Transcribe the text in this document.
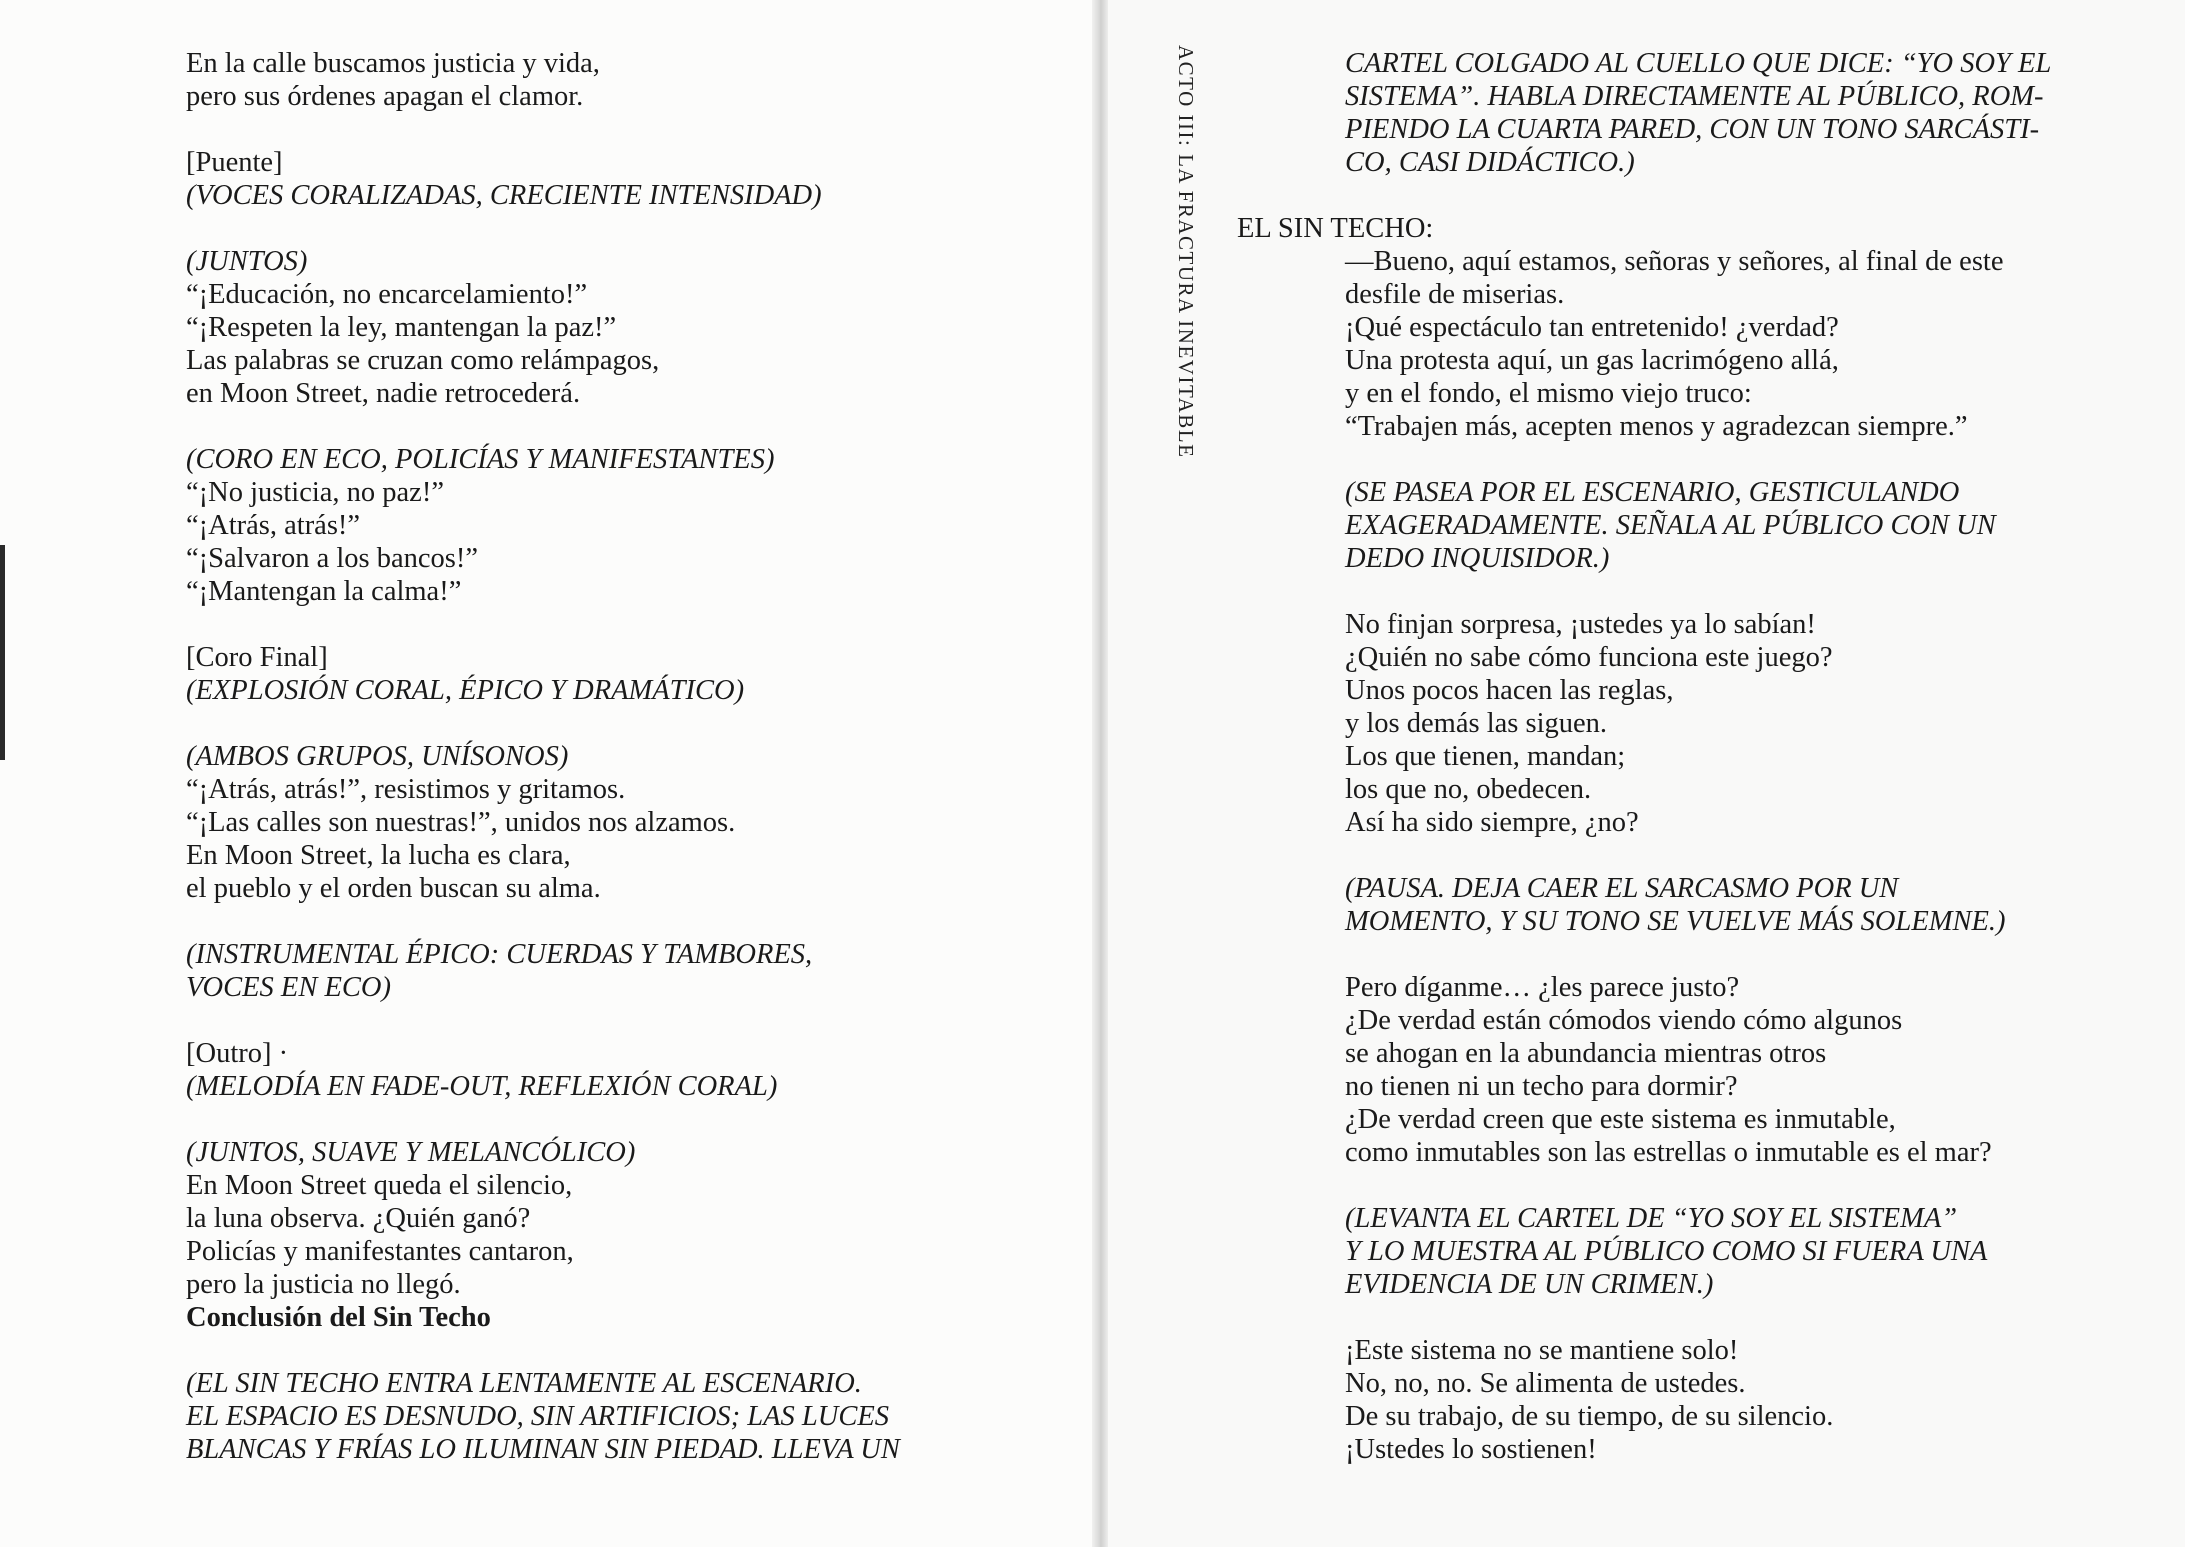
En la calle buscamos justicia y vida,
pero sus órdenes apagan el clamor.
[Puente]
(VOCES CORALIZADAS, CRECIENTE INTENSIDAD)
(JUNTOS)
“¡Educación, no encarcelamiento!”
“¡Respeten la ley, mantengan la paz!”
Las palabras se cruzan como relámpagos,
en Moon Street, nadie retrocederá.
(CORO EN ECO, POLICÍAS Y MANIFESTANTES)
“¡No justicia, no paz!”
“¡Atrás, atrás!”
“¡Salvaron a los bancos!”
“¡Mantengan la calma!”
[Coro Final]
(EXPLOSIÓN CORAL, ÉPICO Y DRAMÁTICO)
(AMBOS GRUPOS, UNÍSONOS)
“¡Atrás, atrás!”, resistimos y gritamos.
“¡Las calles son nuestras!”, unidos nos alzamos.
En Moon Street, la lucha es clara,
el pueblo y el orden buscan su alma.
(INSTRUMENTAL ÉPICO: CUERDAS Y TAMBORES,
VOCES EN ECO)
[Outro] ·
(MELODÍA EN FADE-OUT, REFLEXIÓN CORAL)
(JUNTOS, SUAVE Y MELANCÓLICO)
En Moon Street queda el silencio,
la luna observa. ¿Quién ganó?
Policías y manifestantes cantaron,
pero la justicia no llegó.
Conclusión del Sin Techo
(EL SIN TECHO ENTRA LENTAMENTE AL ESCENARIO.
EL ESPACIO ES DESNUDO, SIN ARTIFICIOS; LAS LUCES
BLANCAS Y FRÍAS LO ILUMINAN SIN PIEDAD. LLEVA UN
ACTO III: LA FRACTURA INEVITABLE	CARTEL COLGADO AL CUELLO QUE DICE: “YO SOY EL
SISTEMA”. HABLA DIRECTAMENTE AL PÚBLICO, ROM-
PIENDO LA CUARTA PARED, CON UN TONO SARCÁSTI-
CO, CASI DIDÁCTICO.)
EL SIN TECHO:
—Bueno, aquí estamos, señoras y señores, al final de este
desfile de miserias.
¡Qué espectáculo tan entretenido! ¿verdad?
Una protesta aquí, un gas lacrimógeno allá,
y en el fondo, el mismo viejo truco:
“Trabajen más, acepten menos y agradezcan siempre.”
(SE PASEA POR EL ESCENARIO, GESTICULANDO
EXAGERADAMENTE. SEÑALA AL PÚBLICO CON UN
DEDO INQUISIDOR.)
No finjan sorpresa, ¡ustedes ya lo sabían!
¿Quién no sabe cómo funciona este juego?
Unos pocos hacen las reglas,
y los demás las siguen.
Los que tienen, mandan;
los que no, obedecen.
Así ha sido siempre, ¿no?
(PAUSA. DEJA CAER EL SARCASMO POR UN
MOMENTO, Y SU TONO SE VUELVE MÁS SOLEMNE.)
Pero díganme… ¿les parece justo?
¿De verdad están cómodos viendo cómo algunos
se ahogan en la abundancia mientras otros
no tienen ni un techo para dormir?
¿De verdad creen que este sistema es inmutable,
como inmutables son las estrellas o inmutable es el mar?
(LEVANTA EL CARTEL DE “YO SOY EL SISTEMA”
Y LO MUESTRA AL PÚBLICO COMO SI FUERA UNA
EVIDENCIA DE UN CRIMEN.)
¡Este sistema no se mantiene solo!
No, no, no. Se alimenta de ustedes.
De su trabajo, de su tiempo, de su silencio.
¡Ustedes lo sostienen!
